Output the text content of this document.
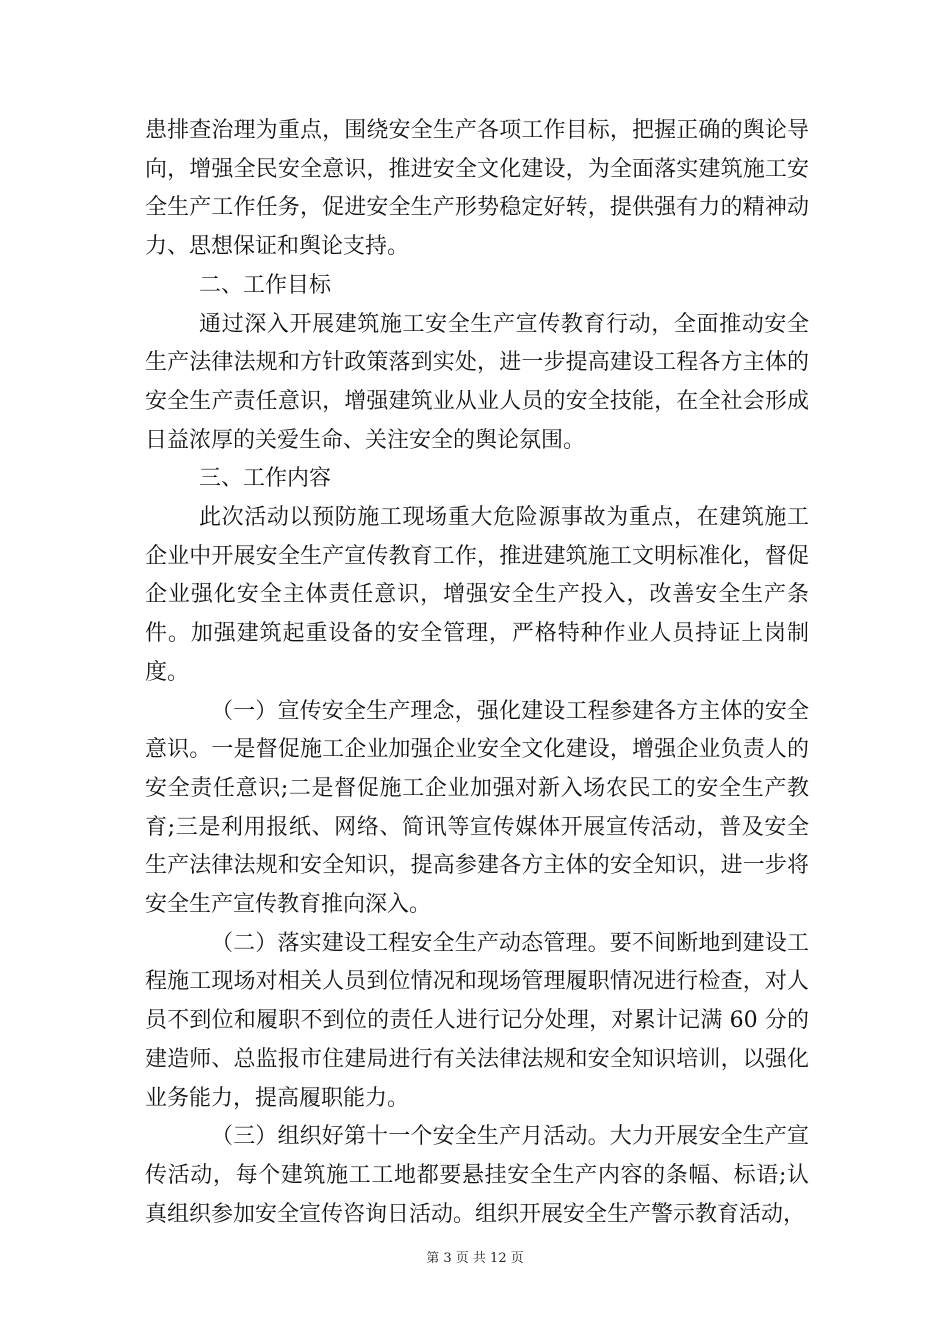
患排查治理为重点，围绕安全生产各项工作目标，把握正确的舆论导向，增强全民安全意识，推进安全文化建设，为全面落实建筑施工安全生产工作任务，促进安全生产形势稳定好转，提供强有力的精神动力、思想保证和舆论支持。

二、工作目标

通过深入开展建筑施工安全生产宣传教育行动，全面推动安全生产法律法规和方针政策落到实处，进一步提高建设工程各方主体的安全生产责任意识，增强建筑业从业人员的安全技能，在全社会形成日益浓厚的关爱生命、关注安全的舆论氛围。

三、工作内容

此次活动以预防施工现场重大危险源事故为重点，在建筑施工企业中开展安全生产宣传教育工作，推进建筑施工文明标准化，督促企业强化安全主体责任意识，增强安全生产投入，改善安全生产条件。加强建筑起重设备的安全管理，严格特种作业人员持证上岗制度。

（一）宣传安全生产理念，强化建设工程参建各方主体的安全意识。一是督促施工企业加强企业安全文化建设，增强企业负责人的安全责任意识;二是督促施工企业加强对新入场农民工的安全生产教育;三是利用报纸、网络、简讯等宣传媒体开展宣传活动，普及安全生产法律法规和安全知识，提高参建各方主体的安全知识，进一步将安全生产宣传教育推向深入。

（二）落实建设工程安全生产动态管理。要不间断地到建设工程施工现场对相关人员到位情况和现场管理履职情况进行检查，对人员不到位和履职不到位的责任人进行记分处理，对累计记满 60 分的建造师、总监报市住建局进行有关法律法规和安全知识培训，以强化业务能力，提高履职能力。

（三）组织好第十一个安全生产月活动。大力开展安全生产宣传活动，每个建筑施工工地都要悬挂安全生产内容的条幅、标语;认真组织参加安全宣传咨询日活动。组织开展安全生产警示教育活动，

第 3 页 共 12 页
